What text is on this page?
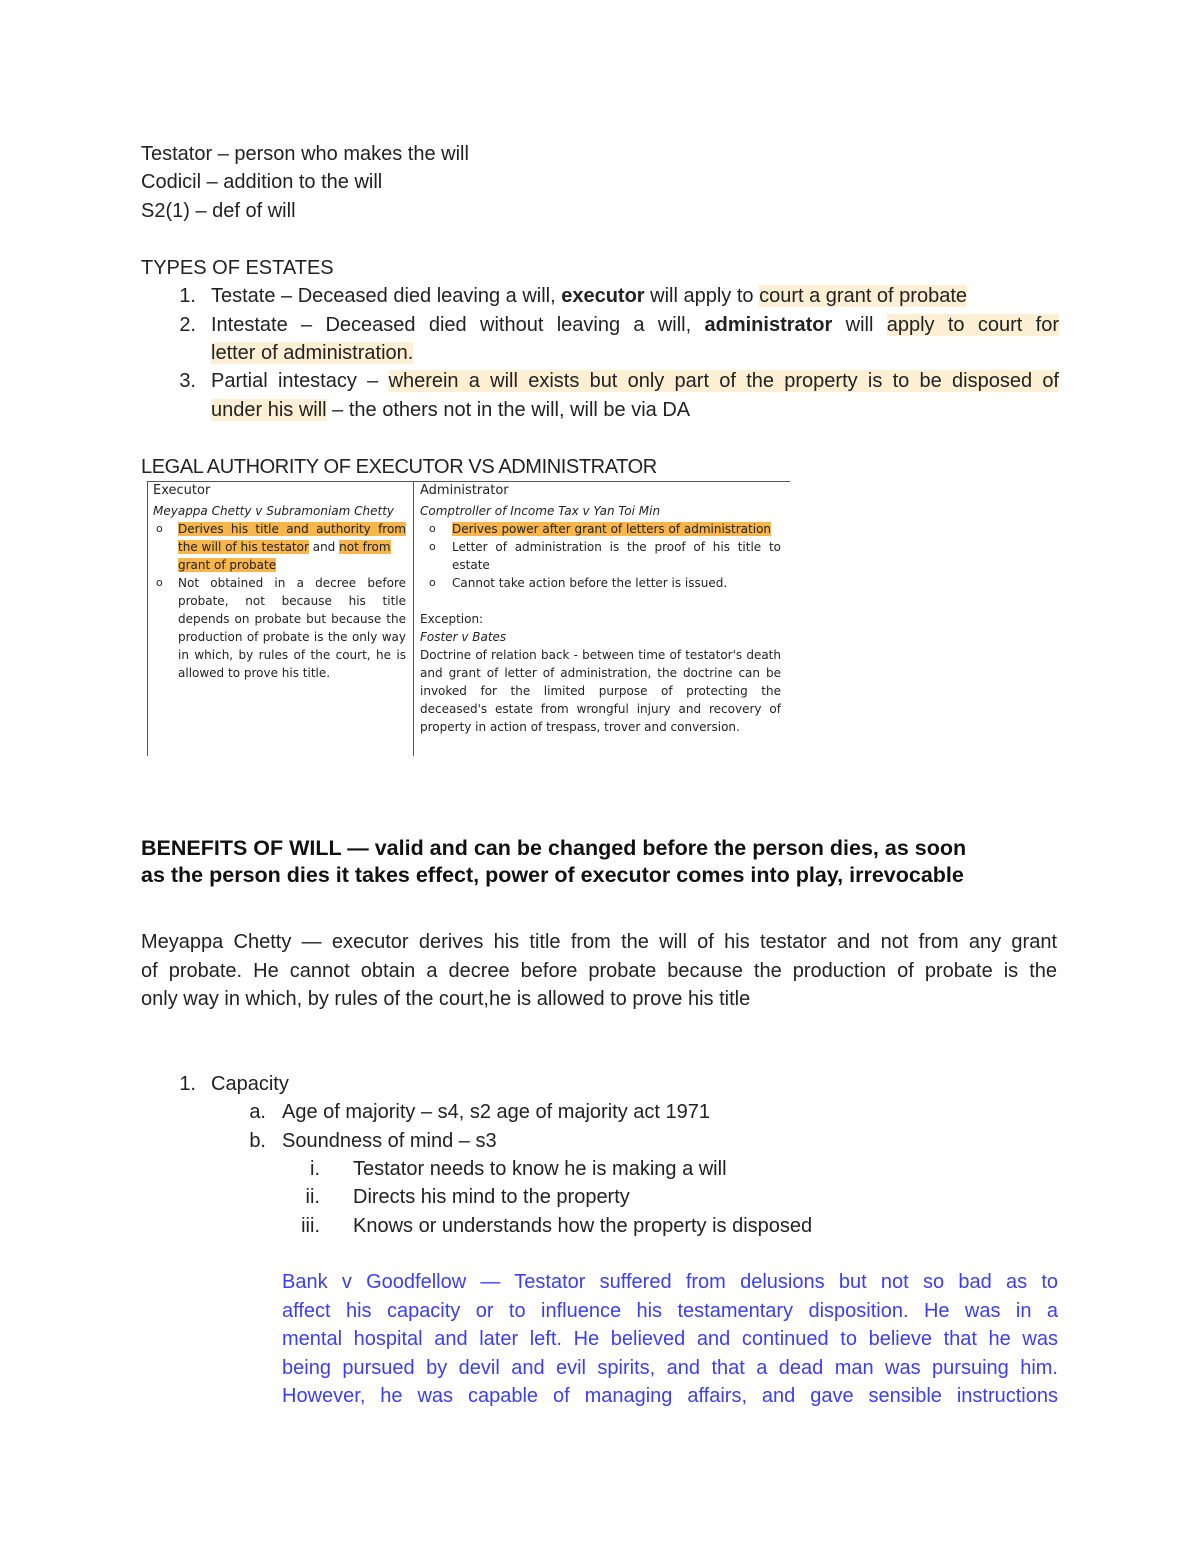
Testator – person who makes the will
Codicil – addition to the will
S2(1) – def of will
TYPES OF ESTATES
1. Testate – Deceased died leaving a will, executor will apply to court a grant of probate
2. Intestate – Deceased died without leaving a will, administrator will apply to court for
letter of administration.
3. Partial intestacy – wherein a will exists but only part of the property is to be disposed of
under his will – the others not in the will, will be via DA
LEGAL AUTHORITY OF EXECUTOR VS ADMINISTRATOR
Executor
Meyappa Chetty v Subramoniam Chetty
o Derives his title and authority from
the will of his testator and not from
grant of probate
o Not obtained in a decree before
probate, not because his title
depends on probate but because the
production of probate is the only way
in which, by rules of the court, he is
allowed to prove his title.
Administrator
Comptroller of Income Tax v Yan Toi Min
o Derives power after grant of letters of administration
o Letter of administration is the proof of his title to
estate
o Cannot take action before the letter is issued.
Exception:
Foster v Bates
Doctrine of relation back - between time of testator's death
and grant of letter of administration, the doctrine can be
invoked for the limited purpose of protecting the
deceased's estate from wrongful injury and recovery of
property in action of trespass, trover and conversion.
BENEFITS OF WILL — valid and can be changed before the person dies, as soon
as the person dies it takes effect, power of executor comes into play, irrevocable
Meyappa Chetty — executor derives his title from the will of his testator and not from any grant
of probate. He cannot obtain a decree before probate because the production of probate is the
only way in which, by rules of the court,he is allowed to prove his title
1. Capacity
a. Age of majority – s4, s2 age of majority act 1971
b. Soundness of mind – s3
i. Testator needs to know he is making a will
ii. Directs his mind to the property
iii. Knows or understands how the property is disposed
Bank v Goodfellow — Testator suffered from delusions but not so bad as to
affect his capacity or to influence his testamentary disposition. He was in a
mental hospital and later left. He believed and continued to believe that he was
being pursued by devil and evil spirits, and that a dead man was pursuing him.
However, he was capable of managing affairs, and gave sensible instructions
